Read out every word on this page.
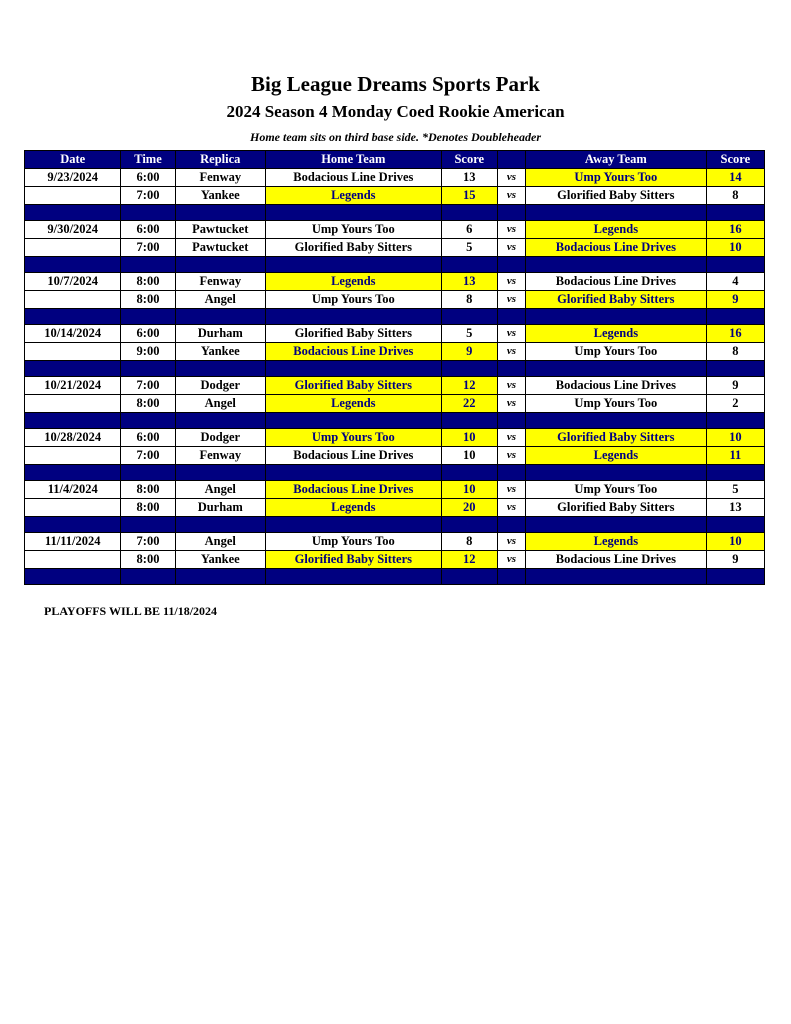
Big League Dreams Sports Park
2024 Season 4 Monday Coed Rookie American
Home team sits on third base side. *Denotes Doubleheader
Date	Time	Replica	Home Team	Score		Away Team	Score
9/23/2024	6:00	Fenway	Bodacious Line Drives	13	vs	Ump Yours Too	14
	7:00	Yankee	Legends	15	vs	Glorified Baby Sitters	8

9/30/2024	6:00	Pawtucket	Ump Yours Too	6	vs	Legends	16
	7:00	Pawtucket	Glorified Baby Sitters	5	vs	Bodacious Line Drives	10

10/7/2024	8:00	Fenway	Legends	13	vs	Bodacious Line Drives	4
	8:00	Angel	Ump Yours Too	8	vs	Glorified Baby Sitters	9

10/14/2024	6:00	Durham	Glorified Baby Sitters	5	vs	Legends	16
	9:00	Yankee	Bodacious Line Drives	9	vs	Ump Yours Too	8

10/21/2024	7:00	Dodger	Glorified Baby Sitters	12	vs	Bodacious Line Drives	9
	8:00	Angel	Legends	22	vs	Ump Yours Too	2

10/28/2024	6:00	Dodger	Ump Yours Too	10	vs	Glorified Baby Sitters	10
	7:00	Fenway	Bodacious Line Drives	10	vs	Legends	11

11/4/2024	8:00	Angel	Bodacious Line Drives	10	vs	Ump Yours Too	5
	8:00	Durham	Legends	20	vs	Glorified Baby Sitters	13

11/11/2024	7:00	Angel	Ump Yours Too	8	vs	Legends	10
	8:00	Yankee	Glorified Baby Sitters	12	vs	Bodacious Line Drives	9

PLAYOFFS WILL BE 11/18/2024
